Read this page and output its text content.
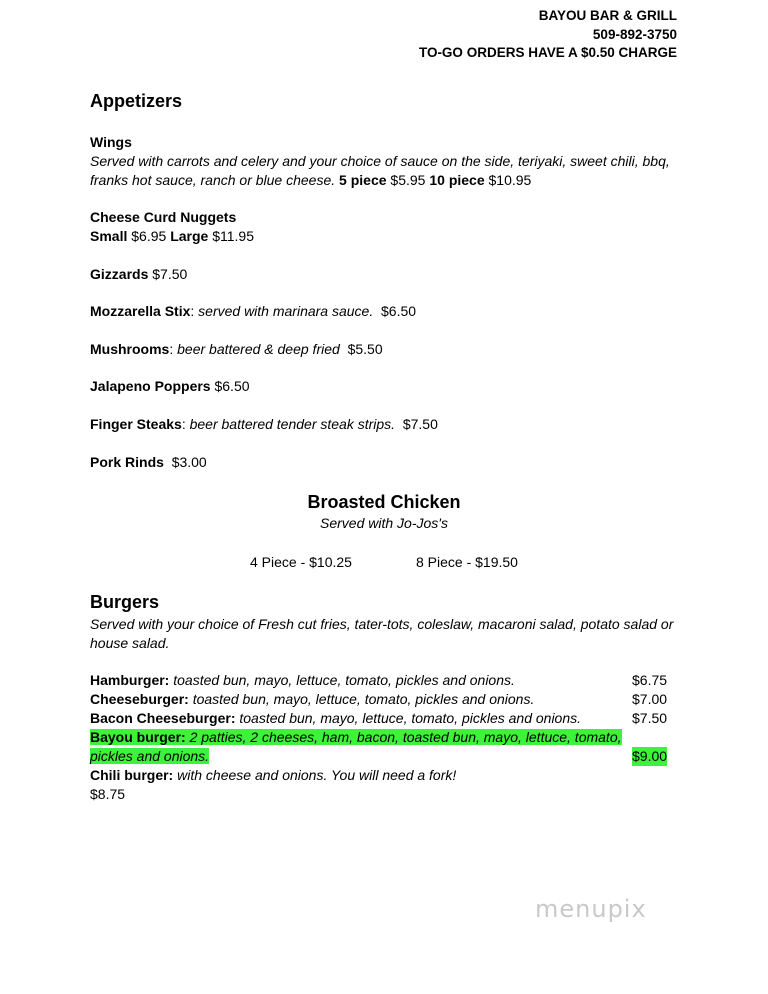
BAYOU BAR & GRILL
509-892-3750
TO-GO ORDERS HAVE A $0.50 CHARGE
Appetizers
Wings
Served with carrots and celery and your choice of sauce on the side, teriyaki, sweet chili, bbq,
franks hot sauce, ranch or blue cheese. 5 piece $5.95 10 piece $10.95
Cheese Curd Nuggets
Small $6.95 Large $11.95
Gizzards $7.50
Mozzarella Stix: served with marinara sauce. $6.50
Mushrooms: beer battered & deep fried $5.50
Jalapeno Poppers $6.50
Finger Steaks: beer battered tender steak strips. $7.50
Pork Rinds $3.00
Broasted Chicken
Served with Jo-Jos's
4 Piece - $10.25	8 Piece - $19.50
Burgers
Served with your choice of Fresh cut fries, tater-tots, coleslaw, macaroni salad, potato salad or
house salad.
Hamburger: toasted bun, mayo, lettuce, tomato, pickles and onions.	$6.75
Cheeseburger: toasted bun, mayo, lettuce, tomato, pickles and onions.	$7.00
Bacon Cheeseburger: toasted bun, mayo, lettuce, tomato, pickles and onions.	$7.50
Bayou burger: 2 patties, 2 cheeses, ham, bacon, toasted bun, mayo, lettuce, tomato,
pickles and onions.	$9.00
Chili burger: with cheese and onions. You will need a fork!
$8.75
menupix
